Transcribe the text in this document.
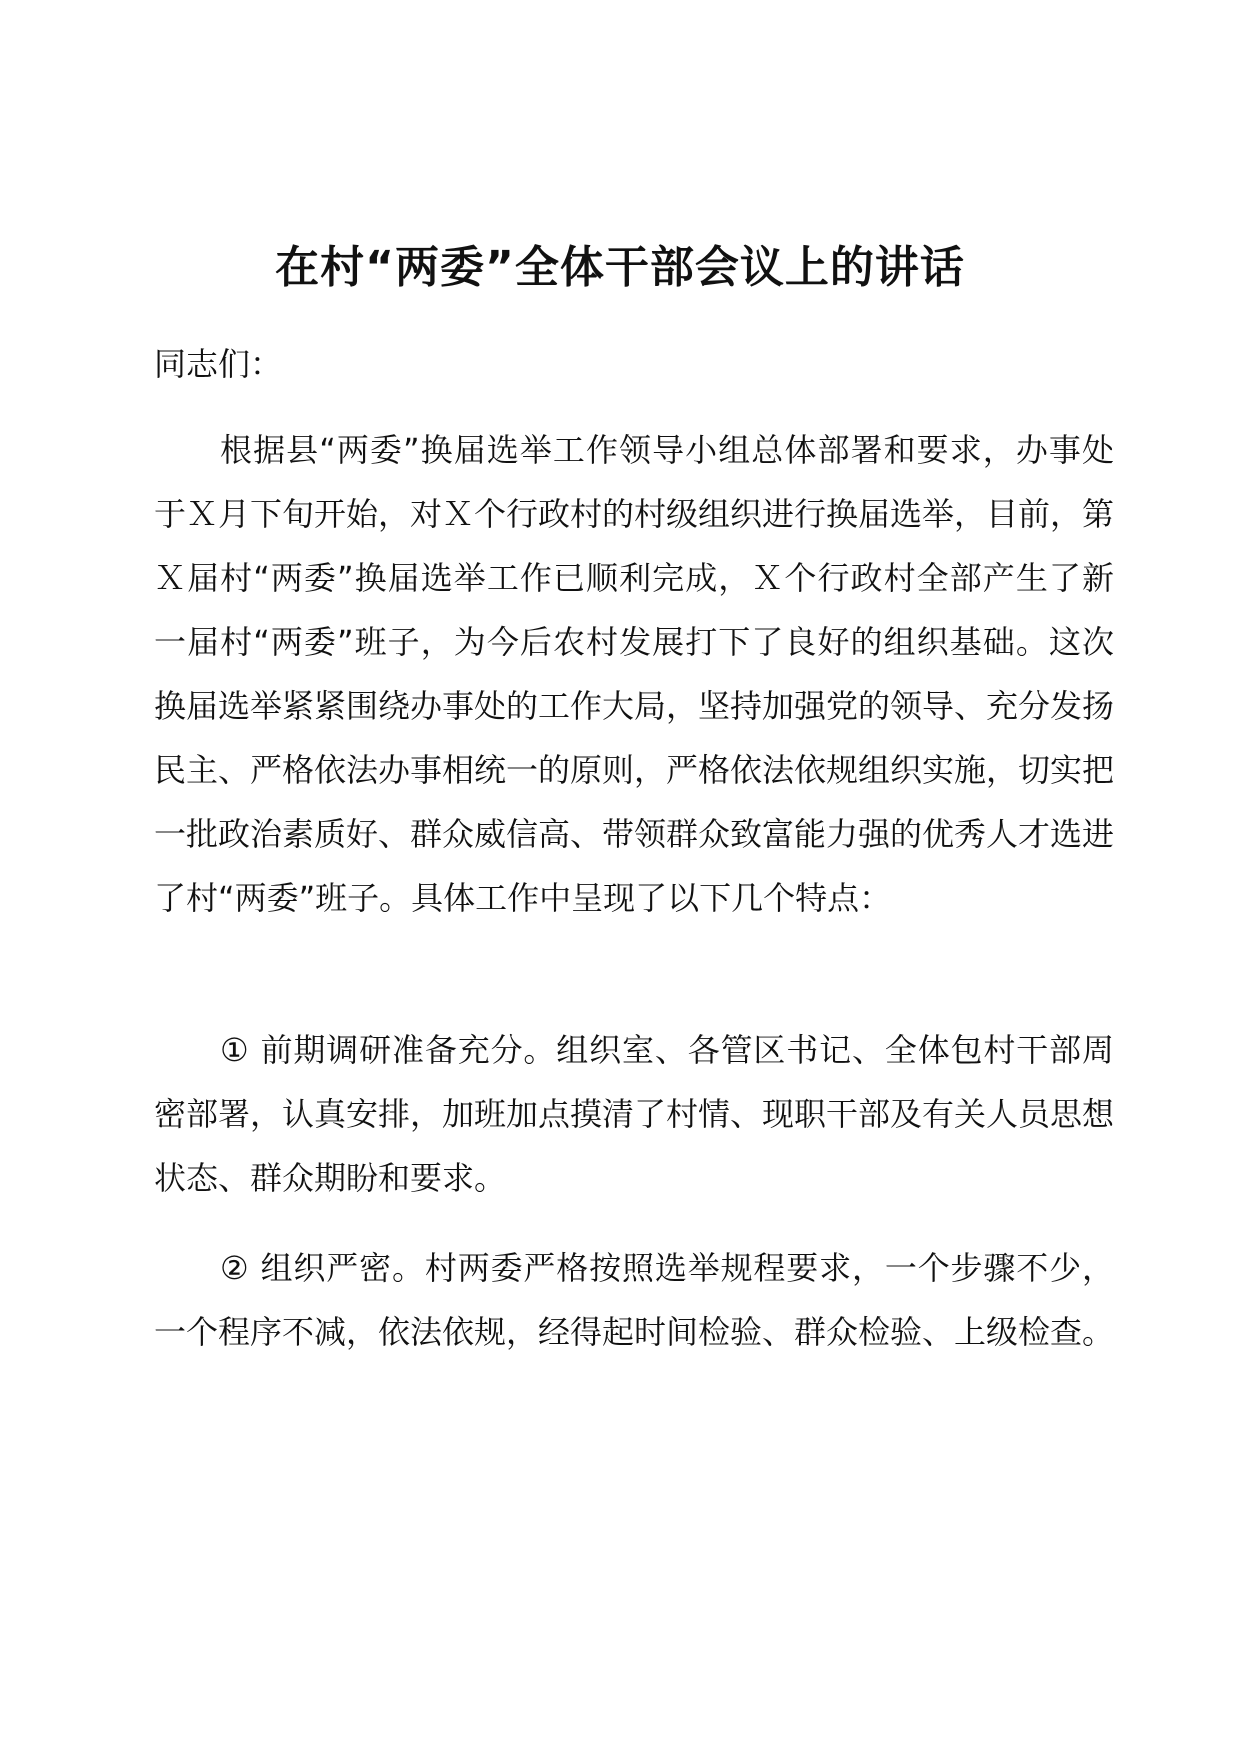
在村“两委”全体干部会议上的讲话

同志们：

根据县“两委”换届选举工作领导小组总体部署和要求，办事处于Ｘ月下旬开始，对Ｘ个行政村的村级组织进行换届选举，目前，第Ｘ届村“两委”换届选举工作已顺利完成，Ｘ个行政村全部产生了新一届村“两委”班子，为今后农村发展打下了良好的组织基础。这次换届选举紧紧围绕办事处的工作大局，坚持加强党的领导、充分发扬民主、严格依法办事相统一的原则，严格依法依规组织实施，切实把一批政治素质好、群众威信高、带领群众致富能力强的优秀人才选进了村“两委”班子。具体工作中呈现了以下几个特点：

① 前期调研准备充分。组织室、各管区书记、全体包村干部周密部署，认真安排，加班加点摸清了村情、现职干部及有关人员思想状态、群众期盼和要求。

② 组织严密。村两委严格按照选举规程要求，一个步骤不少，一个程序不减，依法依规，经得起时间检验、群众检验、上级检查。
